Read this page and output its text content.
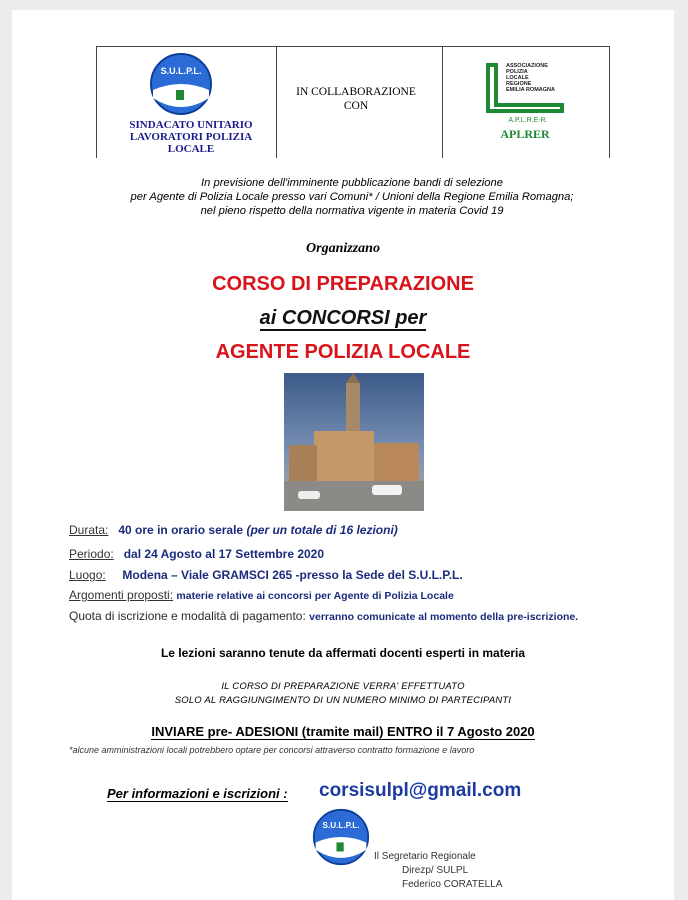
S.U.L.P.L.
SINDACATO UNITARIO
LAVORATORI POLIZIA
LOCALE
IN COLLABORAZIONE
CON
ASSOCIAZIONE
POLIZIA
LOCALE
REGIONE
EMILIA ROMAGNA
A.P.L.R.E-R.
APLRER
In previsione dell'imminente pubblicazione bandi di selezione
per Agente di Polizia Locale presso vari Comuni* / Unioni della Regione Emilia Romagna;
nel pieno rispetto della normativa vigente in materia Covid 19
Organizzano
CORSO DI PREPARAZIONE
ai CONCORSI per
AGENTE POLIZIA LOCALE
Durata: 40 ore in orario serale (per un totale di 16 lezioni)
Periodo: dal 24 Agosto al 17 Settembre 2020
Luogo: Modena – Viale GRAMSCI 265 -presso la Sede del S.U.L.P.L.
Argomenti proposti: materie relative ai concorsi per Agente di Polizia Locale
Quota di iscrizione e modalità di pagamento: verranno comunicate al momento della pre-iscrizione.
Le lezioni saranno tenute da affermati docenti esperti in materia
IL CORSO DI PREPARAZIONE VERRA' EFFETTUATO
SOLO AL RAGGIUNGIMENTO DI UN NUMERO MINIMO DI PARTECIPANTI
INVIARE pre- ADESIONI (tramite mail) ENTRO il 7 Agosto 2020
*alcune amministrazioni locali potrebbero optare per concorsi attraverso contratto formazione e lavoro
Per informazioni e iscrizioni : corsisulpl@gmail.com
S.U.L.P.L.
Il Segretario Regionale
Direzp/ SULPL
Federico CORATELLA
